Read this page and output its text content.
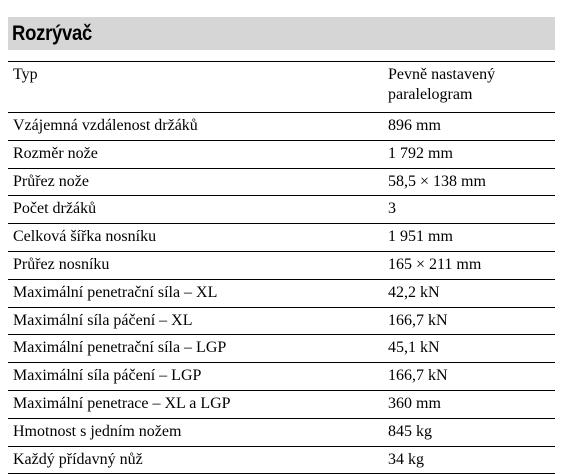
Rozrývač
Typ	Pevně nastavený
paralelogram
Vzájemná vzdálenost držáků	896 mm
Rozměr nože	1 792 mm
Průřez nože	58,5 × 138 mm
Počet držáků	3
Celková šířka nosníku	1 951 mm
Průřez nosníku	165 × 211 mm
Maximální penetrační síla – XL	42,2 kN
Maximální síla páčení – XL	166,7 kN
Maximální penetrační síla – LGP	45,1 kN
Maximální síla páčení – LGP	166,7 kN
Maximální penetrace – XL a LGP	360 mm
Hmotnost s jedním nožem	845 kg
Každý přídavný nůž	34 kg
